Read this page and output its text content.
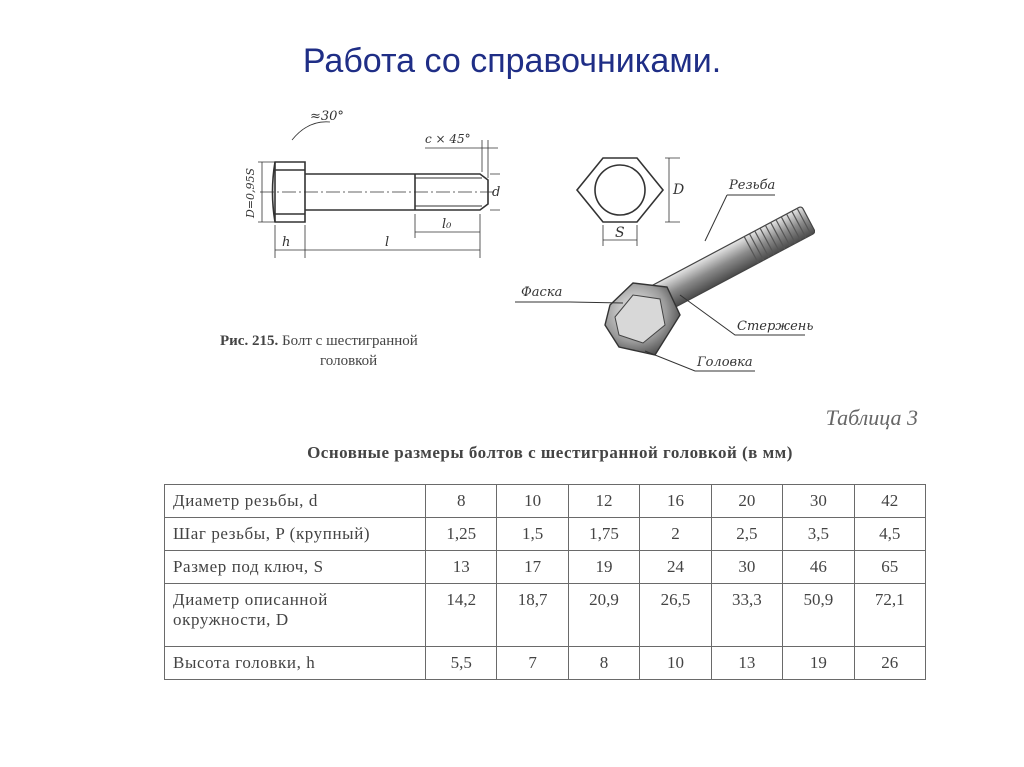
Работа со справочниками.
≈30°
c × 45°
D=0,95S	d
h	l
l₀
D
S
Резьба
Фаска
Стержень
Головка
Рис. 215. Болт с шестигранной
головкой
Таблица 3
Основные размеры болтов с шестигранной головкой (в мм)
Диаметр резьбы, d	8	10	12	16	20	30	42
Шаг резьбы, P (крупный)	1,25	1,5	1,75	2	2,5	3,5	4,5
Размер под ключ, S	13	17	19	24	30	46	65
Диаметр описанной окружности, D	14,2	18,7	20,9	26,5	33,3	50,9	72,1
Высота головки, h	5,5	7	8	10	13	19	26
